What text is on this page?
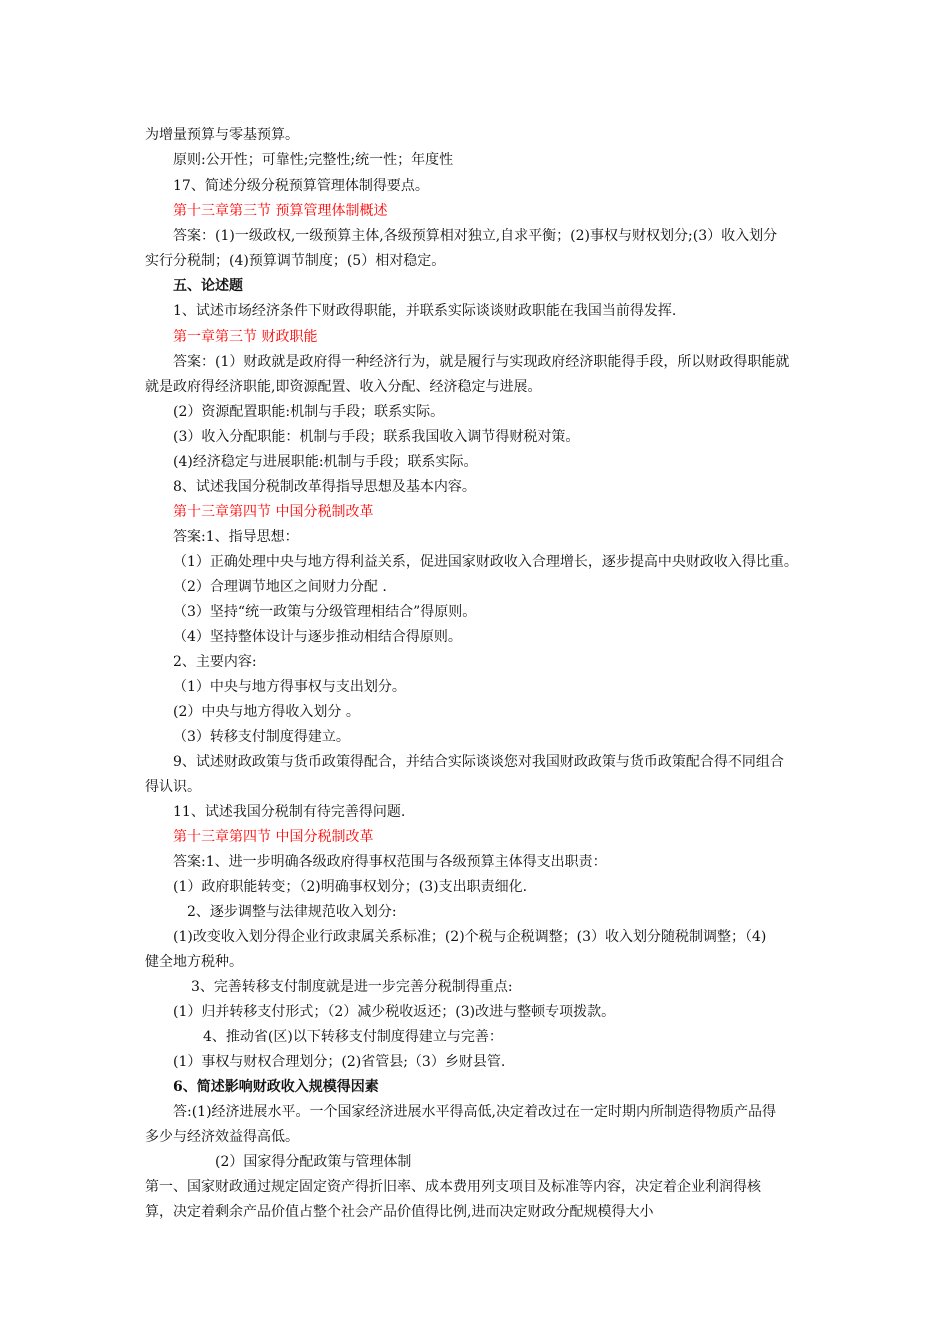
为增量预算与零基预算。
原则:公开性；可靠性;完整性;统一性；年度性
17、简述分级分税预算管理体制得要点。
第十三章第三节 预算管理体制概述
答案：(1)一级政权,一级预算主体,各级预算相对独立,自求平衡；(2)事权与财权划分;(3）收入划分
实行分税制；(4)预算调节制度；(5）相对稳定。
五、论述题
1、试述市场经济条件下财政得职能，并联系实际谈谈财政职能在我国当前得发挥.
第一章第三节 财政职能
答案：(1）财政就是政府得一种经济行为，就是履行与实现政府经济职能得手段，所以财政得职能就
就是政府得经济职能,即资源配置、收入分配、经济稳定与进展。
(2）资源配置职能:机制与手段；联系实际。
(3）收入分配职能：机制与手段；联系我国收入调节得财税对策。
(4)经济稳定与进展职能:机制与手段；联系实际。
8、试述我国分税制改革得指导思想及基本内容。
第十三章第四节 中国分税制改革
答案:1、指导思想：
（1）正确处理中央与地方得利益关系，促进国家财政收入合理增长，逐步提高中央财政收入得比重。
（2）合理调节地区之间财力分配 .
（3）坚持“统一政策与分级管理相结合”得原则。
（4）坚持整体设计与逐步推动相结合得原则。
2、主要内容:
（1）中央与地方得事权与支出划分。
(2）中央与地方得收入划分 。
（3）转移支付制度得建立。
9、试述财政政策与货币政策得配合，并结合实际谈谈您对我国财政政策与货币政策配合得不同组合
得认识。
11、试述我国分税制有待完善得问题.
第十三章第四节 中国分税制改革
答案:1、进一步明确各级政府得事权范围与各级预算主体得支出职责：
(1）政府职能转变；（2)明确事权划分；(3)支出职责细化.
2、逐步调整与法律规范收入划分:
(1)改变收入划分得企业行政隶属关系标准；(2)个税与企税调整；(3）收入划分随税制调整；（4)
健全地方税种。
3、完善转移支付制度就是进一步完善分税制得重点:
(1）归并转移支付形式；（2）减少税收返还；(3)改进与整顿专项拨款。
4、推动省(区)以下转移支付制度得建立与完善：
(1）事权与财权合理划分；(2)省管县;（3）乡财县管.
6、简述影响财政收入规模得因素
答:(1)经济进展水平。一个国家经济进展水平得高低,决定着改过在一定时期内所制造得物质产品得
多少与经济效益得高低。
(2）国家得分配政策与管理体制
第一、国家财政通过规定固定资产得折旧率、成本费用列支项目及标准等内容，决定着企业利润得核
算，决定着剩余产品价值占整个社会产品价值得比例,进而决定财政分配规模得大小
